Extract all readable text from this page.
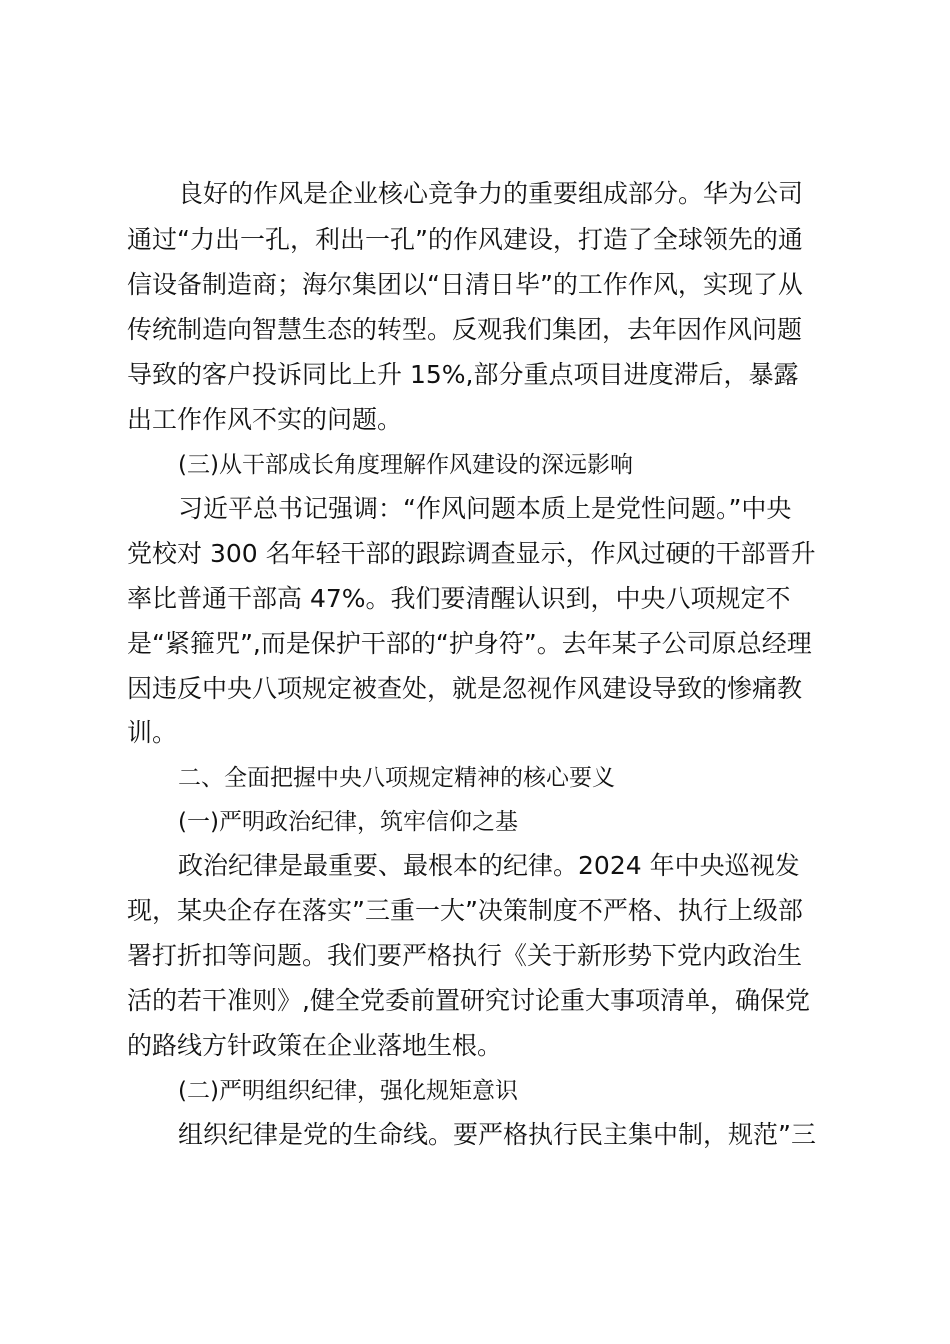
良好的作风是企业核心竞争力的重要组成部分。华为公司
通过“力出一孔，利出一孔”的作风建设，打造了全球领先的通
信设备制造商；海尔集团以“日清日毕”的工作作风，实现了从
传统制造向智慧生态的转型。反观我们集团，去年因作风问题
导致的客户投诉同比上升 15%,部分重点项目进度滞后，暴露
出工作作风不实的问题。
(三)从干部成长角度理解作风建设的深远影响
习近平总书记强调：“作风问题本质上是党性问题。”中央
党校对 300 名年轻干部的跟踪调查显示，作风过硬的干部晋升
率比普通干部高 47%。我们要清醒认识到，中央八项规定不
是“紧箍咒”,而是保护干部的“护身符”。去年某子公司原总经理
因违反中央八项规定被查处，就是忽视作风建设导致的惨痛教
训。
二、全面把握中央八项规定精神的核心要义
(一)严明政治纪律，筑牢信仰之基
政治纪律是最重要、最根本的纪律。2024 年中央巡视发
现，某央企存在落实”三重一大”决策制度不严格、执行上级部
署打折扣等问题。我们要严格执行《关于新形势下党内政治生
活的若干准则》,健全党委前置研究讨论重大事项清单，确保党
的路线方针政策在企业落地生根。
(二)严明组织纪律，强化规矩意识
组织纪律是党的生命线。要严格执行民主集中制，规范”三
